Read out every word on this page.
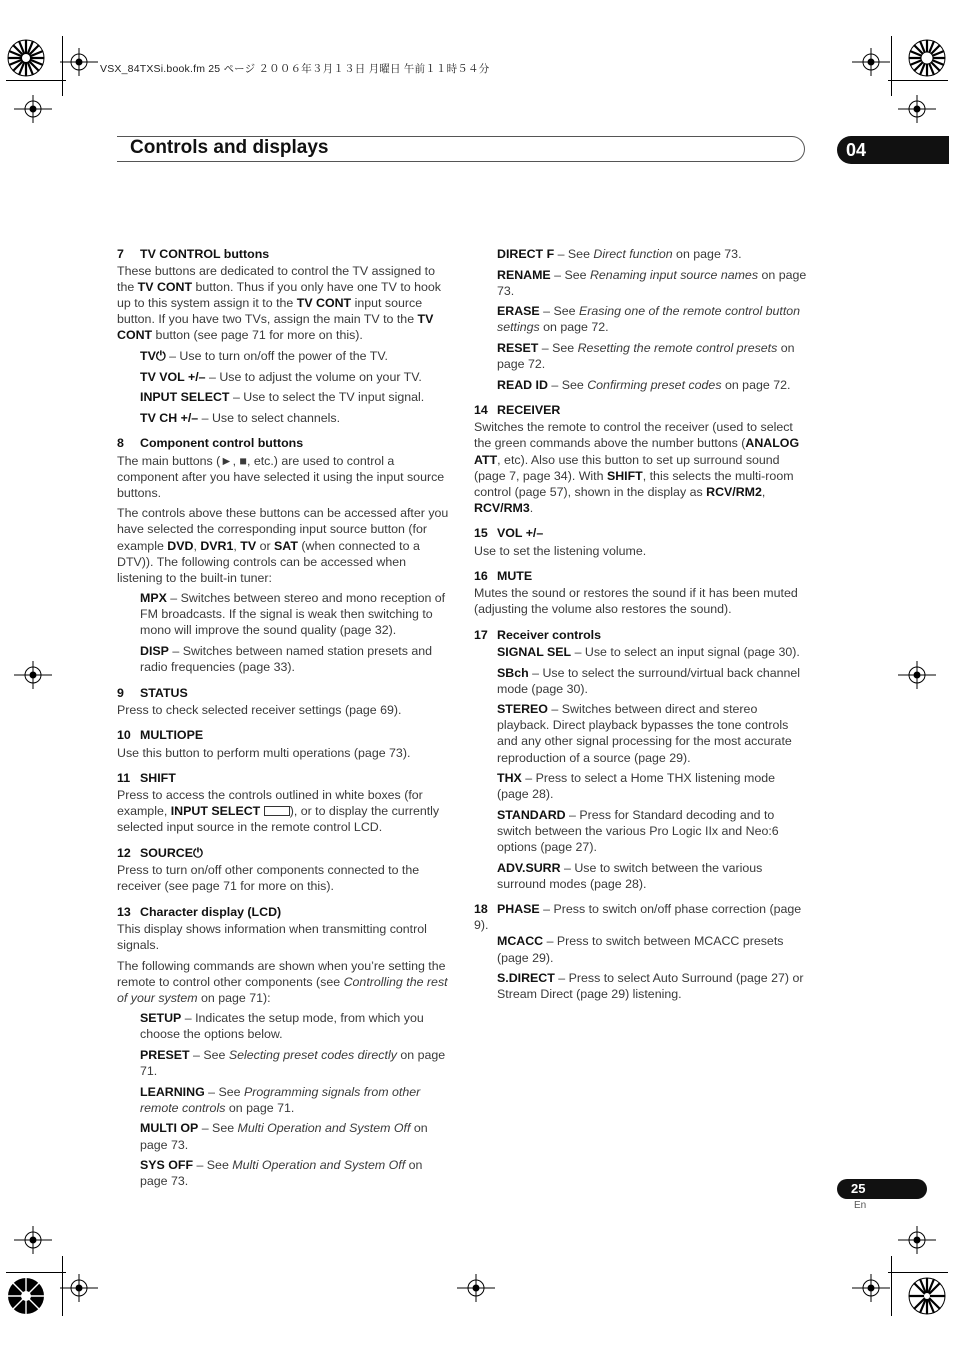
VSX_84TXSi.book.fm 25 ページ ２００６年３月１３日 月曜日 午前１１時５４分
Controls and displays	04

7 TV CONTROL buttons

These buttons are dedicated to control the TV assigned to the TV CONT button. Thus if you only have one TV to hook up to this system assign it to the TV CONT input source button. If you have two TVs, assign the main TV to the TV CONT button (see page 71 for more on this).

TV⏻ – Use to turn on/off the power of the TV.

TV VOL +/– – Use to adjust the volume on your TV.

INPUT SELECT – Use to select the TV input signal.

TV CH +/– – Use to select channels.

8 Component control buttons

The main buttons (►, ■, etc.) are used to control a component after you have selected it using the input source buttons.

The controls above these buttons can be accessed after you have selected the corresponding input source button (for example DVD, DVR1, TV or SAT (when connected to a DTV)). The following controls can be accessed when listening to the built-in tuner:

MPX – Switches between stereo and mono reception of FM broadcasts. If the signal is weak then switching to mono will improve the sound quality (page 32).

DISP – Switches between named station presets and radio frequencies (page 33).

9 STATUS

Press to check selected receiver settings (page 69).

10 MULTIOPE

Use this button to perform multi operations (page 73).

11 SHIFT

Press to access the controls outlined in white boxes (for example, INPUT SELECT ), or to display the currently selected input source in the remote control LCD.

12 SOURCE⏻

Press to turn on/off other components connected to the receiver (see page 71 for more on this).

13 Character display (LCD)

This display shows information when transmitting control signals.

The following commands are shown when you’re setting the remote to control other components (see Controlling the rest of your system on page 71):

SETUP – Indicates the setup mode, from which you choose the options below.

PRESET – See Selecting preset codes directly on page 71.

LEARNING – See Programming signals from other remote controls on page 71.

MULTI OP – See Multi Operation and System Off on page 73.

SYS OFF – See Multi Operation and System Off on page 73.

DIRECT F – See Direct function on page 73.

RENAME – See Renaming input source names on page 73.

ERASE – See Erasing one of the remote control button settings on page 72.

RESET – See Resetting the remote control presets on page 72.

READ ID – See Confirming preset codes on page 72.

14 RECEIVER

Switches the remote to control the receiver (used to select the green commands above the number buttons (ANALOG ATT, etc). Also use this button to set up surround sound (page 7, page 34). With SHIFT, this selects the multi-room control (page 57), shown in the display as RCV/RM2, RCV/RM3.

15 VOL +/–

Use to set the listening volume.

16 MUTE

Mutes the sound or restores the sound if it has been muted (adjusting the volume also restores the sound).

17 Receiver controls

SIGNAL SEL – Use to select an input signal (page 30).

SBch – Use to select the surround/virtual back channel mode (page 30).

STEREO – Switches between direct and stereo playback. Direct playback bypasses the tone controls and any other signal processing for the most accurate reproduction of a source (page 29).

THX – Press to select a Home THX listening mode (page 28).

STANDARD – Press for Standard decoding and to switch between the various Pro Logic IIx and Neo:6 options (page 27).

ADV.SURR – Use to switch between the various surround modes (page 28).

18 PHASE – Press to switch on/off phase correction (page 9).

MCACC – Press to switch between MCACC presets (page 29).

S.DIRECT – Press to select Auto Surround (page 27) or Stream Direct (page 29) listening.

25
En
